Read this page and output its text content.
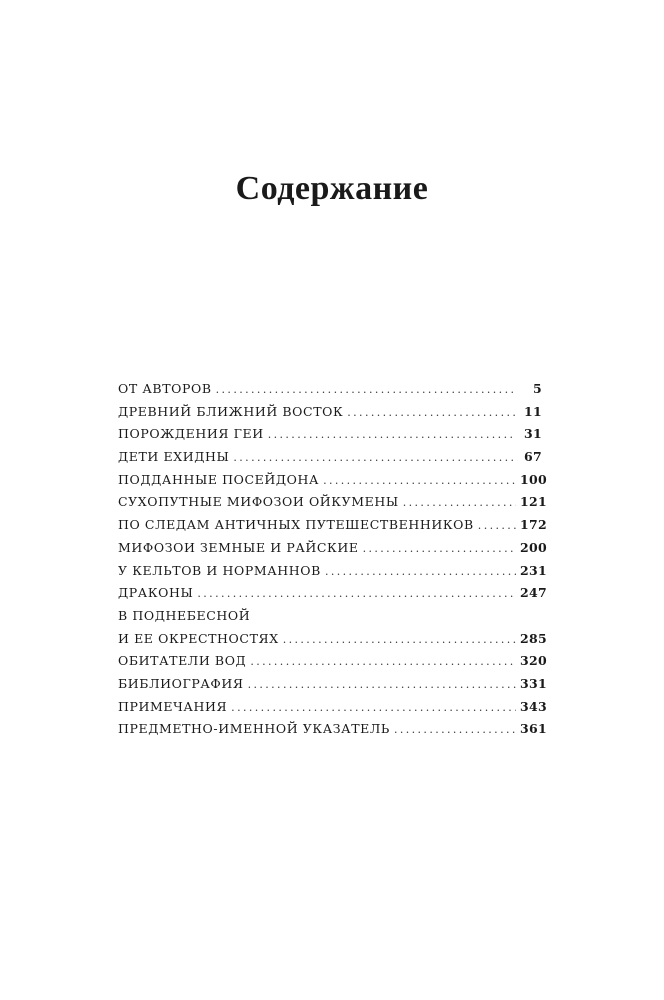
Содержание
ОТ АВТОРОВ .....	5
ДРЕВНИЙ БЛИЖНИЙ ВОСТОК .....	11
ПОРОЖДЕНИЯ ГЕИ .....	31
ДЕТИ ЕХИДНЫ .....	67
ПОДДАННЫЕ ПОСЕЙДОНА .....	100
СУХОПУТНЫЕ МИФОЗОИ ОЙКУМЕНЫ .....	121
ПО СЛЕДАМ АНТИЧНЫХ ПУТЕШЕСТВЕННИКОВ .....	172
МИФОЗОИ ЗЕМНЫЕ И РАЙСКИЕ .....	200
У КЕЛЬТОВ И НОРМАННОВ .....	231
ДРАКОНЫ .....	247
В ПОДНЕБЕСНОЙ
И ЕЕ ОКРЕСТНОСТЯХ .....	285
ОБИТАТЕЛИ ВОД .....	320
БИБЛИОГРАФИЯ .....	331
ПРИМЕЧАНИЯ .....	343
ПРЕДМЕТНО-ИМЕННОЙ УКАЗАТЕЛЬ .....	361
